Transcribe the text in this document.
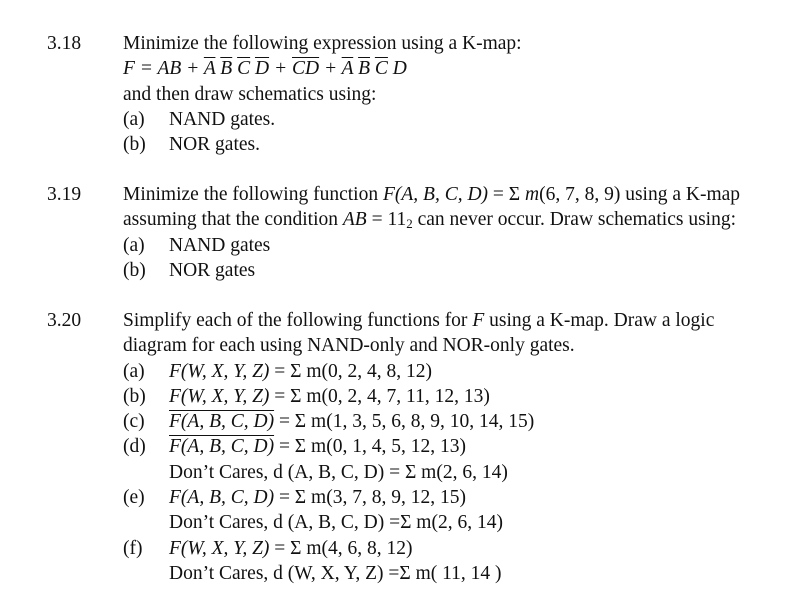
3.18 Minimize the following expression using a K-map:
F = AB + $\overline{A}$ $\overline{B}$ $\overline{C}$ $\overline{D} + \overline{CD} + \overline{A}$ $\overline{B}$ $\overline{C}$ D
and then draw schematics using:
(a)	NAND gates.
(b)	NOR gates.
3.19 Minimize the following function F(A, B, C, D) = Σ m(6, 7, 8, 9) using a K-map
assuming that the condition AB = $11_2$ can never occur. Draw schematics using:
(a)	NAND gates
(b)	NOR gates
3.20 Simplify each of the following functions for F using a K-map. Draw a logic
diagram for each using NAND-only and NOR-only gates.
(a)	F(W, X, Y, Z) = Σ m(0, 2, 4, 8, 12)
(b)	F(W, X, Y, Z) = Σ m(0, 2, 4, 7, 11, 12, 13)
(c)	F(A, B, C, D) = Σ m(1, 3, 5, 6, 8, 9, 10, 14, 15)
(d)	F(A, B, C, D) = Σ m(0, 1, 4, 5, 12, 13)
Don’t Cares, d (A, B, C, D) = Σ m(2, 6, 14)
(e)	F(A, B, C, D) = Σ m(3, 7, 8, 9, 12, 15)
Don’t Cares, d (A, B, C, D) =Σ m(2, 6, 14)
(f)	F(W, X, Y, Z) = Σ m(4, 6, 8, 12)
Don’t Cares, d (W, X, Y, Z) =Σ m( 11, 14 )
